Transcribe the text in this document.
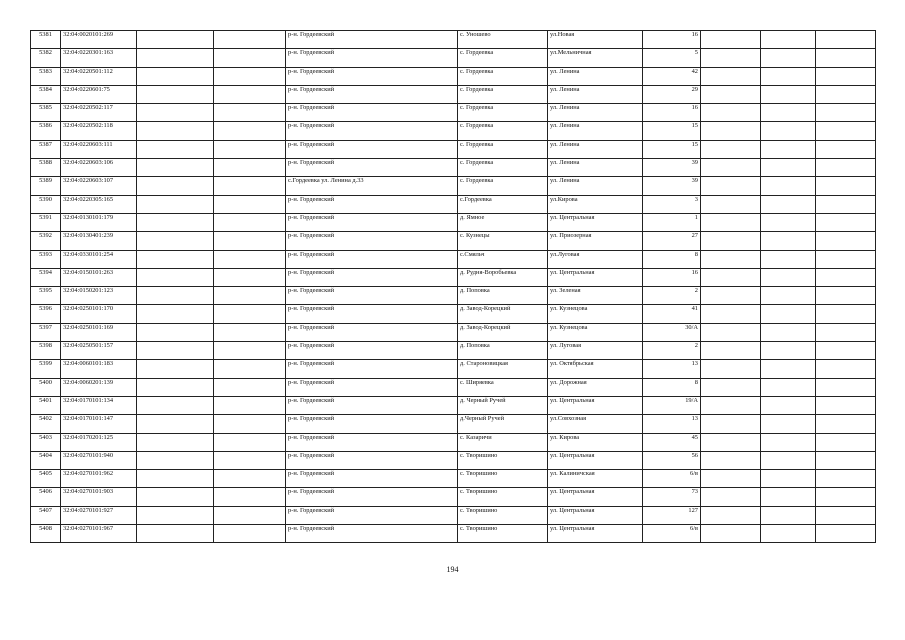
5381	32:04:0020101:269			р-н. Гордеевский	с. Уношево	ул.Новая	16			
5382	32:04:0220301:163			р-н. Гордеевский	с. Гордеевка	ул.Мельничная	5			
5383	32:04:0220501:112			р-н. Гордеевский	с. Гордеевка	ул. Ленина	42			
5384	32:04:0220601:75			р-н. Гордеевский	с. Гордеевка	ул. Ленина	29			
5385	32:04:0220502:117			р-н. Гордеевский	с. Гордеевка	ул. Ленина	16			
5386	32:04:0220502:118			р-н. Гордеевский	с. Гордеевка	ул. Ленина	15			
5387	32:04:0220603:111			р-н. Гордеевский	с. Гордеевка	ул. Ленина	15			
5388	32:04:0220603:106			р-н. Гордеевский	с. Гордеевка	ул. Ленина	39			
5389	32:04:0220603:107			с.Гордеевка ул. Ленина д.33	с. Гордеевка	ул. Ленина	39			
5390	32:04:0220305:165			р-н. Гордеевский	с.Гордеевка	ул.Кирова	3			
5391	32:04:0130101:179			р-н. Гордеевский	д. Ямное	ул. Центральная	1			
5392	32:04:0130401:239			р-н. Гордеевский	с. Кузнецы	ул. Приозерная	27			
5393	32:04:0330101:254			р-н. Гордеевский	с.Смяльч	ул.Луговая	8			
5394	32:04:0150101:263			р-н. Гордеевский	д. Рудня-Воробьевка	ул. Центральная	16			
5395	32:04:0150201:123			р-н. Гордеевский	д. Поповка	ул. Зеленая	2			
5396	32:04:0250101:170			р-н. Гордеевский	д. Завод-Корецкий	ул. Кузнецова	41			
5397	32:04:0250101:169			р-н. Гордеевский	д. Завод-Корецкий	ул. Кузнецова	30/А			
5398	32:04:0250501:157			р-н. Гордеевский	д. Поповка	ул. Луговая	2			
5399	32:04:0060101:183			р-н. Гордеевский	д. Староновицкая	ул. Октябрьская	13			
5400	32:04:0060201:139			р-н. Гордеевский	с. Ширяевка	ул. Дорожная	8			
5401	32:04:0170101:134			р-н. Гордеевский	д. Черный Ручей	ул. Центральная	19/А			
5402	32:04:0170101:147			р-н. Гордеевский	д.Черный Ручей	ул.Совхозная	13			
5403	32:04:0170201:125			р-н. Гордеевский	с. Казаричи	ул. Кирова	45			
5404	32:04:0270101:940			р-н. Гордеевский	с. Творишино	ул. Центральная	56			
5405	32:04:0270101:962			р-н. Гордеевский	с. Творишино	ул. Калиничская	6/в			
5406	32:04:0270101:903			р-н. Гордеевский	с. Творишино	ул. Центральная	73			
5407	32:04:0270101:927			р-н. Гордеевский	с. Творишино	ул. Центральная	127			
5408	32:04:0270101:967			р-н. Гордеевский	с. Творишино	ул. Центральная	6/в			
194
